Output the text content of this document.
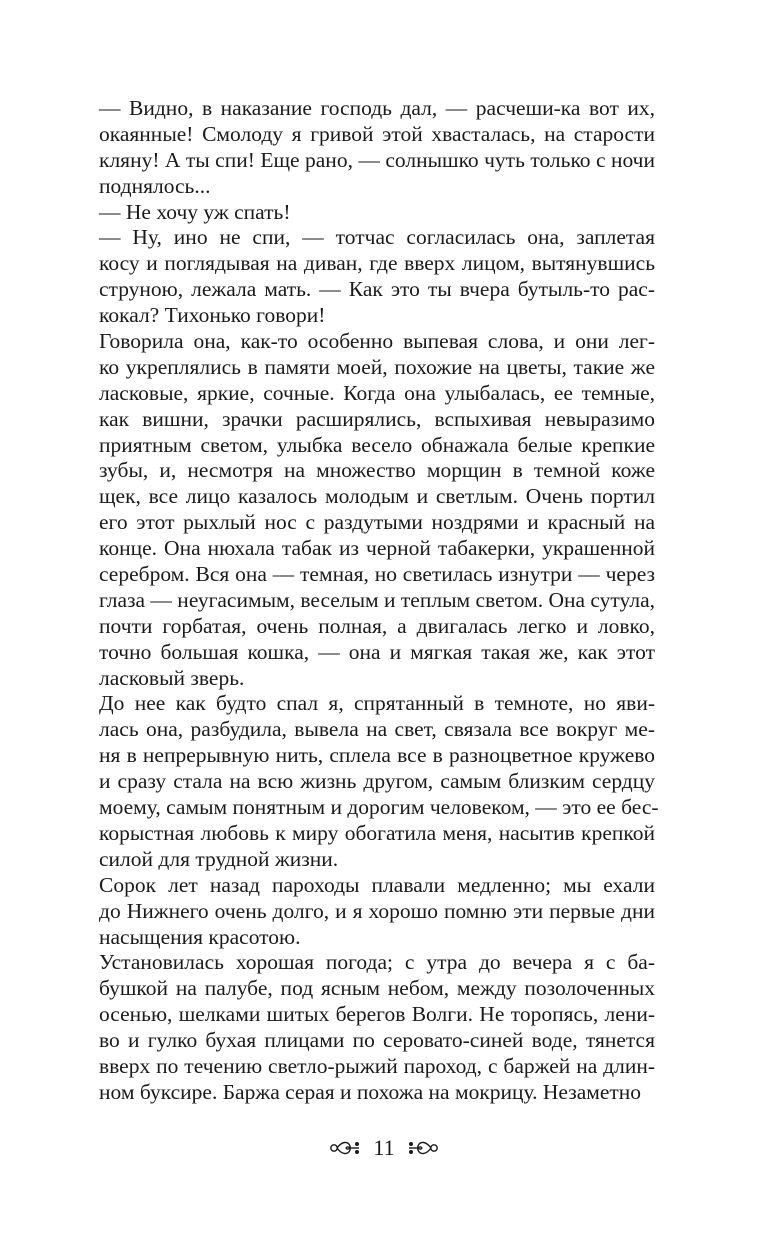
— Видно, в наказание господь дал, — расчеши-ка вот их,
окаянные! Смолоду я гривой этой хвасталась, на старости
кляну! А ты спи! Еще рано, — солнышко чуть только с ночи
поднялось...
— Не хочу уж спать!
— Ну, ино не спи, — тотчас согласилась она, заплетая
косу и поглядывая на диван, где вверх лицом, вытянувшись
струною, лежала мать. — Как это ты вчера бутыль-то рас-
кокал? Тихонько говори!
Говорила она, как-то особенно выпевая слова, и они лег-
ко укреплялись в памяти моей, похожие на цветы, такие же
ласковые, яркие, сочные. Когда она улыбалась, ее темные,
как вишни, зрачки расширялись, вспыхивая невыразимо
приятным светом, улыбка весело обнажала белые крепкие
зубы, и, несмотря на множество морщин в темной коже
щек, все лицо казалось молодым и светлым. Очень портил
его этот рыхлый нос с раздутыми ноздрями и красный на
конце. Она нюхала табак из черной табакерки, украшенной
серебром. Вся она — темная, но светилась изнутри — через
глаза — неугасимым, веселым и теплым светом. Она сутула,
почти горбатая, очень полная, а двигалась легко и ловко,
точно большая кошка, — она и мягкая такая же, как этот
ласковый зверь.
До нее как будто спал я, спрятанный в темноте, но яви-
лась она, разбудила, вывела на свет, связала все вокруг ме-
ня в непрерывную нить, сплела все в разноцветное кружево
и сразу стала на всю жизнь другом, самым близким сердцу
моему, самым понятным и дорогим человеком, — это ее бес-
корыстная любовь к миру обогатила меня, насытив крепкой
силой для трудной жизни.
Сорок лет назад пароходы плавали медленно; мы ехали
до Нижнего очень долго, и я хорошо помню эти первые дни
насыщения красотою.
Установилась хорошая погода; с утра до вечера я с ба-
бушкой на палубе, под ясным небом, между позолоченных
осенью, шелками шитых берегов Волги. Не торопясь, лени-
во и гулко бухая плицами по серовато-синей воде, тянется
вверх по течению светло-рыжий пароход, с баржей на длин-
ном буксире. Баржа серая и похожа на мокрицу. Незаметно
11
